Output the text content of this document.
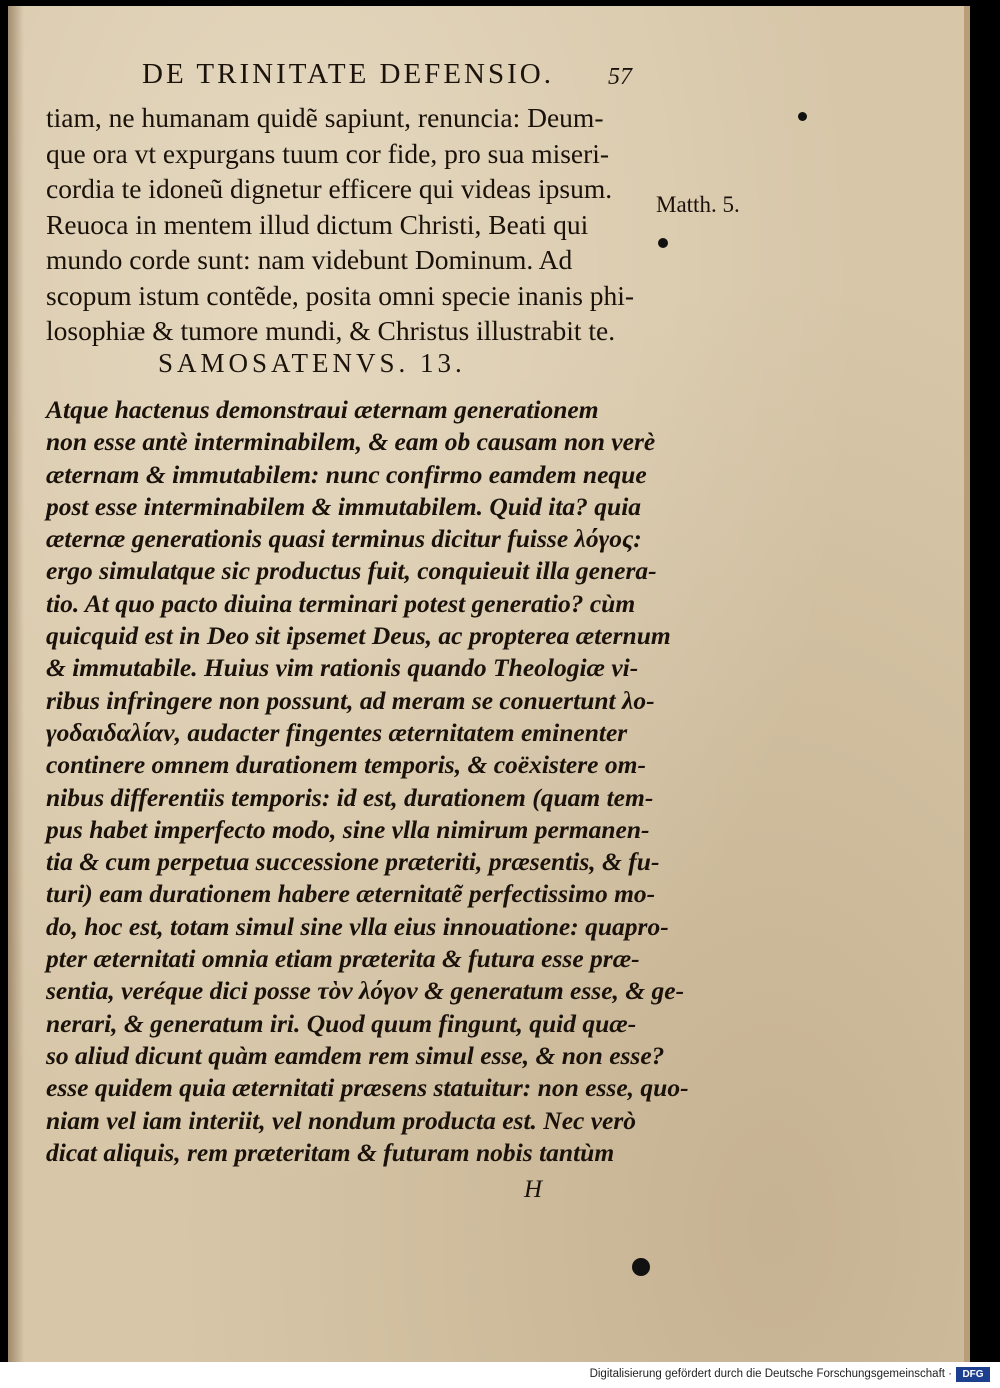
DE TRINITATE DEFENSIO.	57
tiam, ne humanam quidẽ sapiunt, renuncia: Deum-
que ora vt expurgans tuum cor fide, pro sua miseri-
cordia te idoneũ dignetur efficere qui videas ipsum.
Reuoca in mentem illud dictum Christi, Beati qui
mundo corde sunt: nam videbunt Dominum. Ad
scopum istum contẽde, posita omni specie inanis phi-
losophiæ & tumore mundi, & Christus illustrabit te.
Matth. 5.
SAMOSATENVS. 13.
Atque hactenus demonstraui æternam generationem
non esse antè interminabilem, & eam ob causam non verè
æternam & immutabilem: nunc confirmo eamdem neque
post esse interminabilem & immutabilem. Quid ita? quia
æternæ generationis quasi terminus dicitur fuisse λόγος:
ergo simulatque sic productus fuit, conquieuit illa genera-
tio. At quo pacto diuina terminari potest generatio? cùm
quicquid est in Deo sit ipsemet Deus, ac propterea æternum
& immutabile. Huius vim rationis quando Theologiæ vi-
ribus infringere non possunt, ad meram se conuertunt λο-
γοδαιδαλίαν, audacter fingentes æternitatem eminenter
continere omnem durationem temporis, & coëxistere om-
nibus differentiis temporis: id est, durationem (quam tem-
pus habet imperfecto modo, sine vlla nimirum permanen-
tia & cum perpetua successione præteriti, præsentis, & fu-
turi) eam durationem habere æternitatẽ perfectissimo mo-
do, hoc est, totam simul sine vlla eius innouatione: quapro-
pter æternitati omnia etiam præterita & futura esse præ-
sentia, veréque dici posse τὸν λόγον & generatum esse, & ge-
nerari, & generatum iri. Quod quum fingunt, quid quæ-
so aliud dicunt quàm eamdem rem simul esse, & non esse?
esse quidem quia æternitati præsens statuitur: non esse, quo-
niam vel iam interiit, vel nondum producta est. Nec verò
dicat aliquis, rem præteritam & futuram nobis tantùm
H
Digitalisierung gefördert durch die Deutsche Forschungsgemeinschaft ·	DFG
